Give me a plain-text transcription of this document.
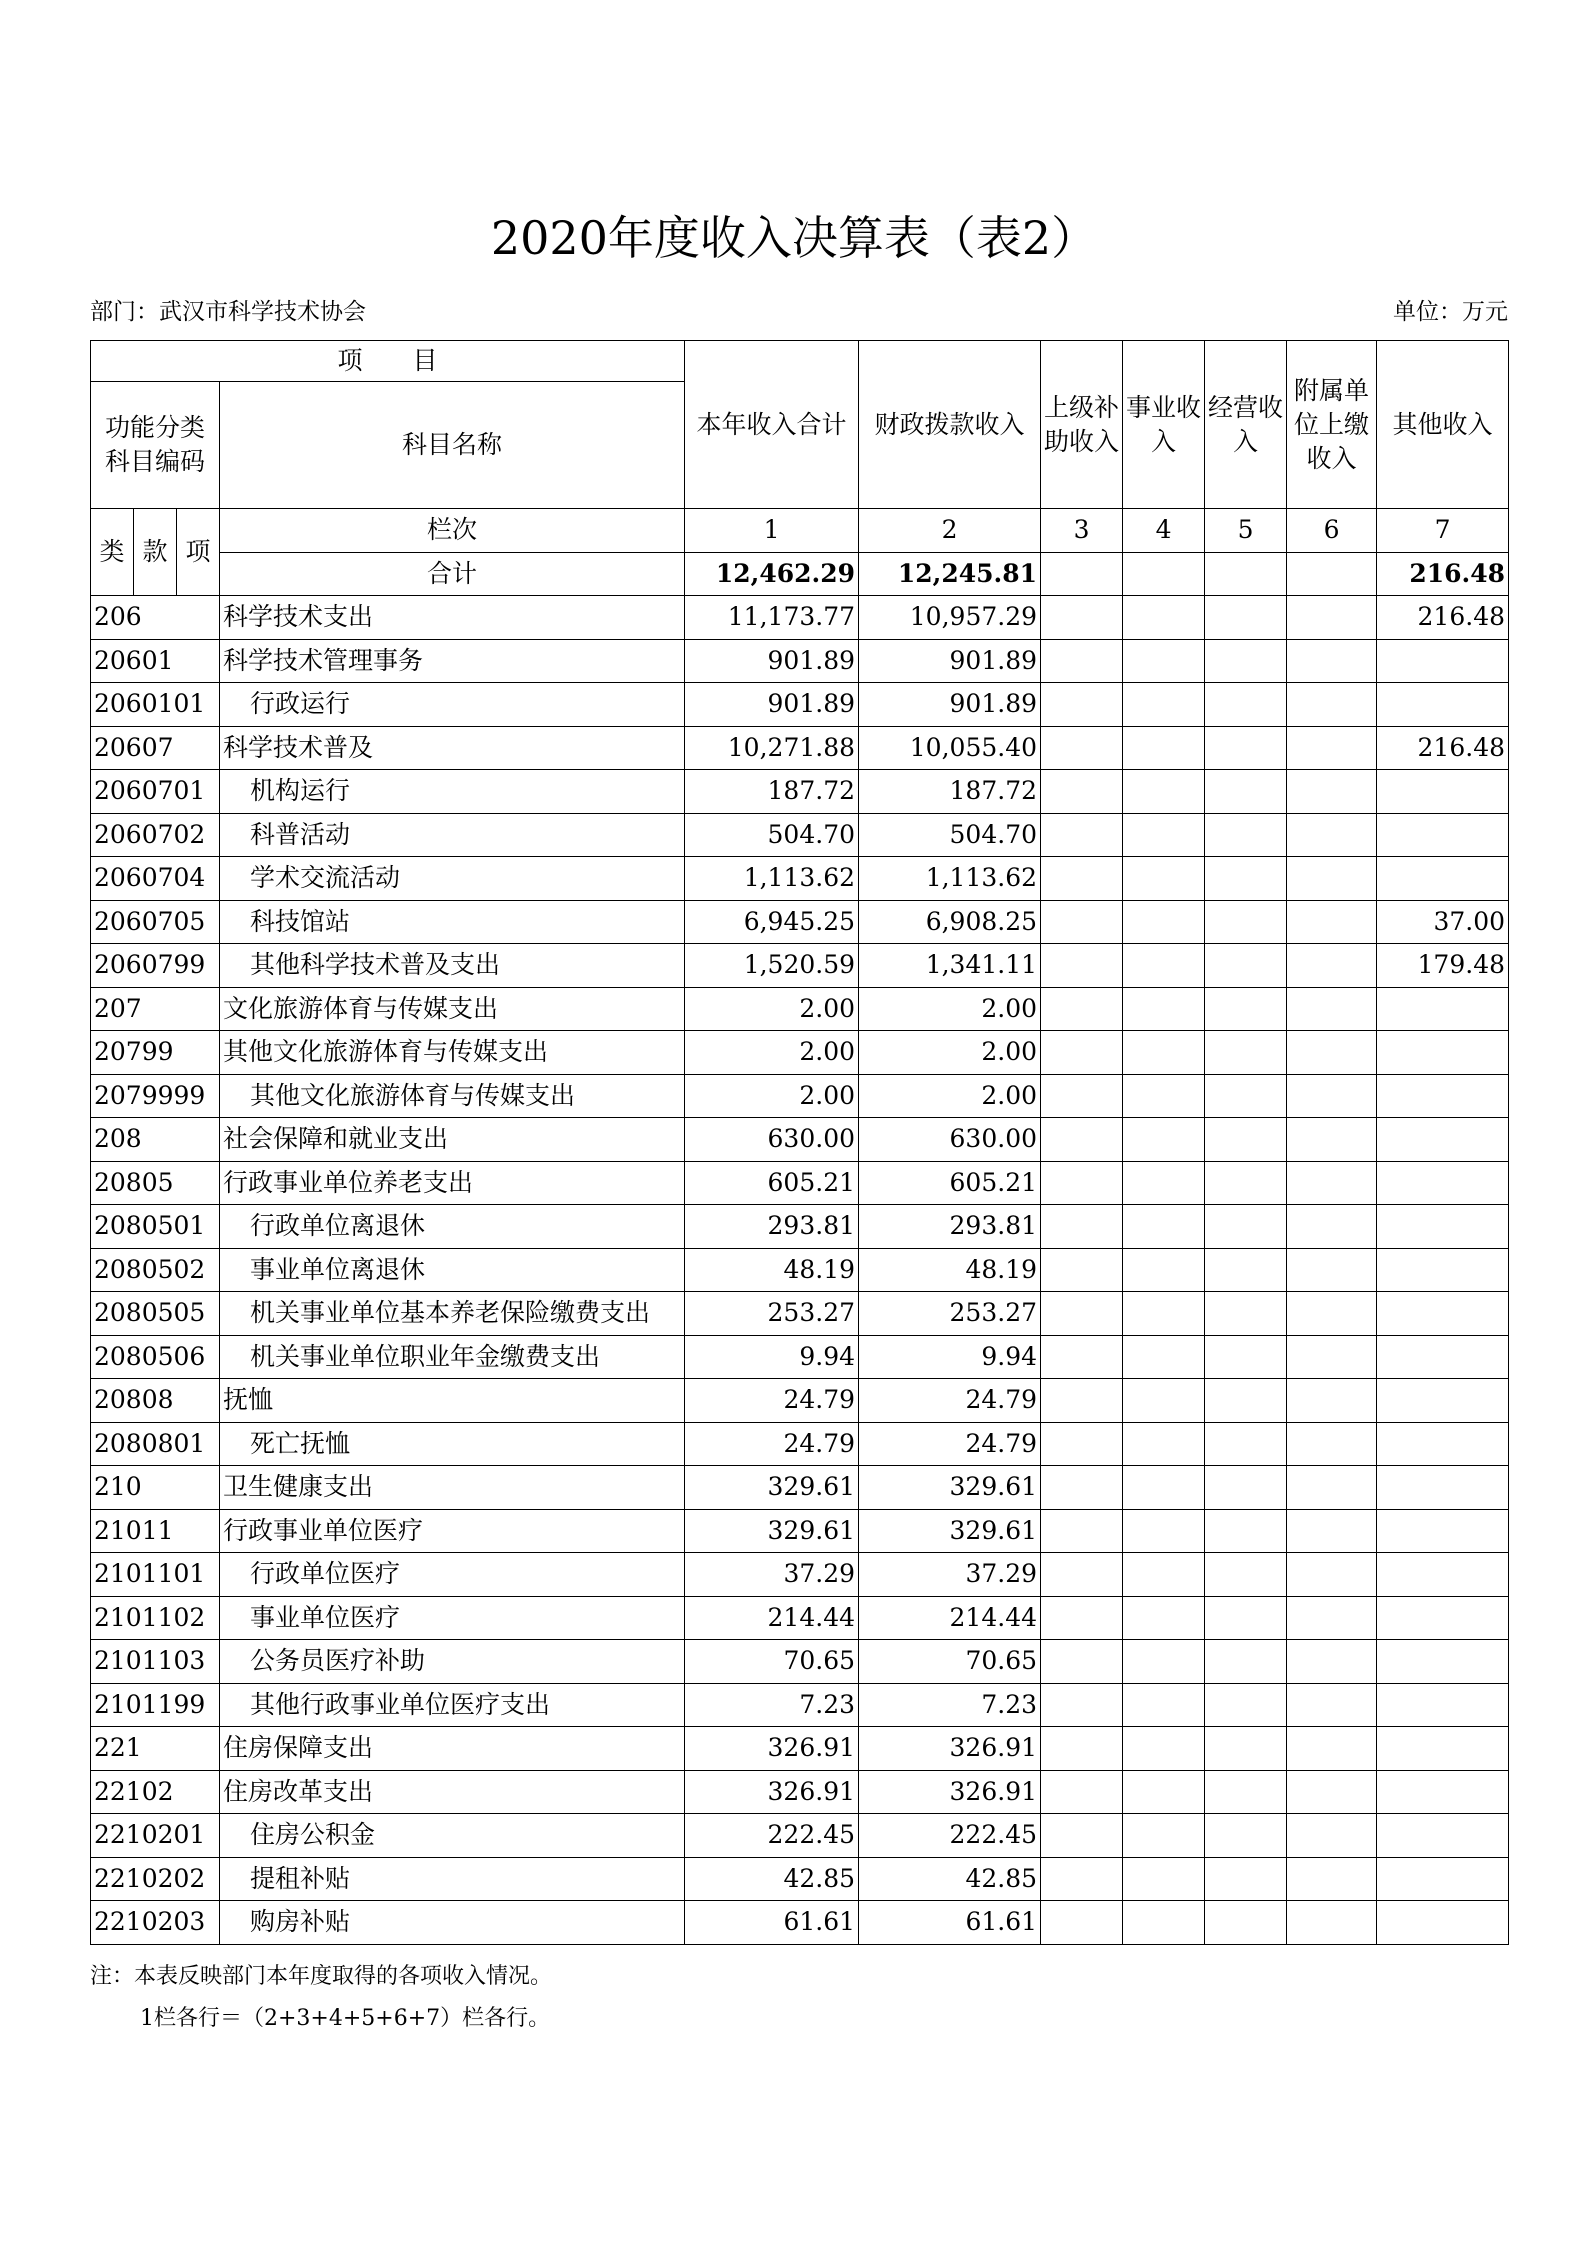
2020年度收入决算表（表2）
部门：武汉市科学技术协会	单位：万元
项　　目				本年收入合计	财政拨款收入	上级补助收入	事业收入	经营收入	附属单位上缴收入	其他收入
功能分类科目编码			科目名称							
类	款	项	栏次	1	2	3	4	5	6	7
			合计	12,462.29	12,245.81					216.48
206			科学技术支出	11,173.77	10,957.29					216.48
20601			科学技术管理事务	901.89	901.89					
2060101			行政运行	901.89	901.89					
20607			科学技术普及	10,271.88	10,055.40					216.48
2060701			机构运行	187.72	187.72					
2060702			科普活动	504.70	504.70					
2060704			学术交流活动	1,113.62	1,113.62					
2060705			科技馆站	6,945.25	6,908.25					37.00
2060799			其他科学技术普及支出	1,520.59	1,341.11					179.48
207			文化旅游体育与传媒支出	2.00	2.00					
20799			其他文化旅游体育与传媒支出	2.00	2.00					
2079999			其他文化旅游体育与传媒支出	2.00	2.00					
208			社会保障和就业支出	630.00	630.00					
20805			行政事业单位养老支出	605.21	605.21					
2080501			行政单位离退休	293.81	293.81					
2080502			事业单位离退休	48.19	48.19					
2080505			机关事业单位基本养老保险缴费支出	253.27	253.27					
2080506			机关事业单位职业年金缴费支出	9.94	9.94					
20808			抚恤	24.79	24.79					
2080801			死亡抚恤	24.79	24.79					
210			卫生健康支出	329.61	329.61					
21011			行政事业单位医疗	329.61	329.61					
2101101			行政单位医疗	37.29	37.29					
2101102			事业单位医疗	214.44	214.44					
2101103			公务员医疗补助	70.65	70.65					
2101199			其他行政事业单位医疗支出	7.23	7.23					
221			住房保障支出	326.91	326.91					
22102			住房改革支出	326.91	326.91					
2210201			住房公积金	222.45	222.45					
2210202			提租补贴	42.85	42.85					
2210203			购房补贴	61.61	61.61					
注：本表反映部门本年度取得的各项收入情况。
1栏各行＝（2+3+4+5+6+7）栏各行。
